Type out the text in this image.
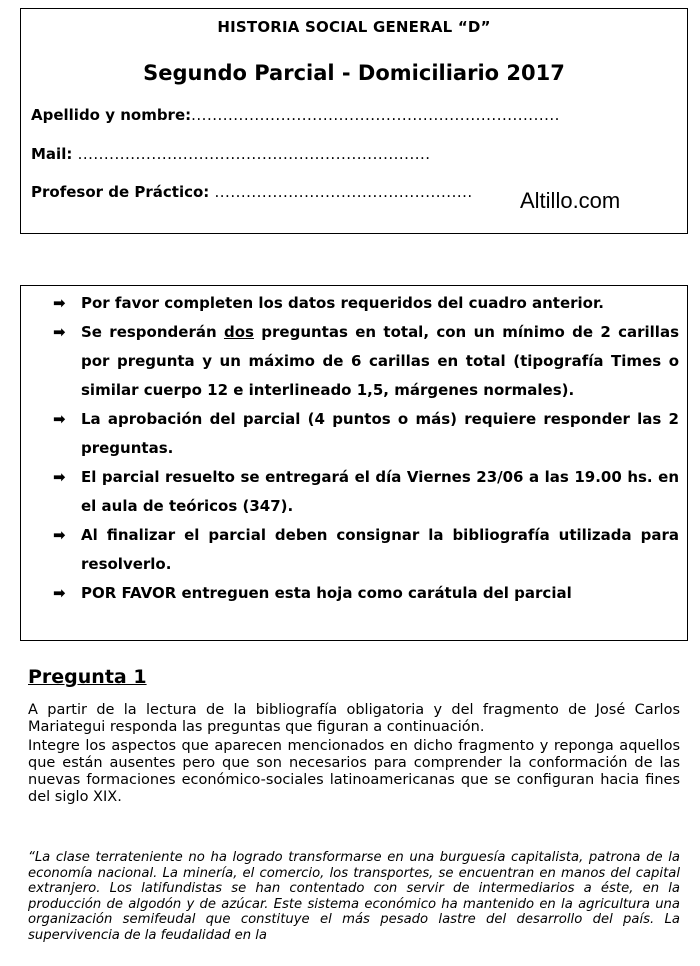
HISTORIA SOCIAL GENERAL “D”
Segundo Parcial - Domiciliario 2017
Apellido y nombre:......................................................................
Mail: ...................................................................
Profesor de Práctico: ................................................. Altillo.com
➡ Por favor completen los datos requeridos del cuadro anterior.
➡ Se responderán dos preguntas en total, con un mínimo de 2 carillas por pregunta y un máximo de 6 carillas en total (tipografía Times o similar cuerpo 12 e interlineado 1,5, márgenes normales).
➡ La aprobación del parcial (4 puntos o más) requiere responder las 2 preguntas.
➡ El parcial resuelto se entregará el día Viernes 23/06 a las 19.00 hs. en el aula de teóricos (347).
➡ Al finalizar el parcial deben consignar la bibliografía utilizada para resolverlo.
➡ POR FAVOR entreguen esta hoja como carátula del parcial
Pregunta 1

A partir de la lectura de la bibliografía obligatoria y del fragmento de José Carlos Mariategui responda las preguntas que figuran a continuación.

Integre los aspectos que aparecen mencionados en dicho fragmento y reponga aquellos que están ausentes pero que son necesarios para comprender la conformación de las nuevas formaciones económico-sociales latinoamericanas que se configuran hacia fines del siglo XIX.

“La clase terrateniente no ha logrado transformarse en una burguesía capitalista, patrona de la economía nacional. La minería, el comercio, los transportes, se encuentran en manos del capital extranjero. Los latifundistas se han contentado con servir de intermediarios a éste, en la producción de algodón y de azúcar. Este sistema económico ha mantenido en la agricultura una organización semifeudal que constituye el más pesado lastre del desarrollo del país. La supervivencia de la feudalidad en la
